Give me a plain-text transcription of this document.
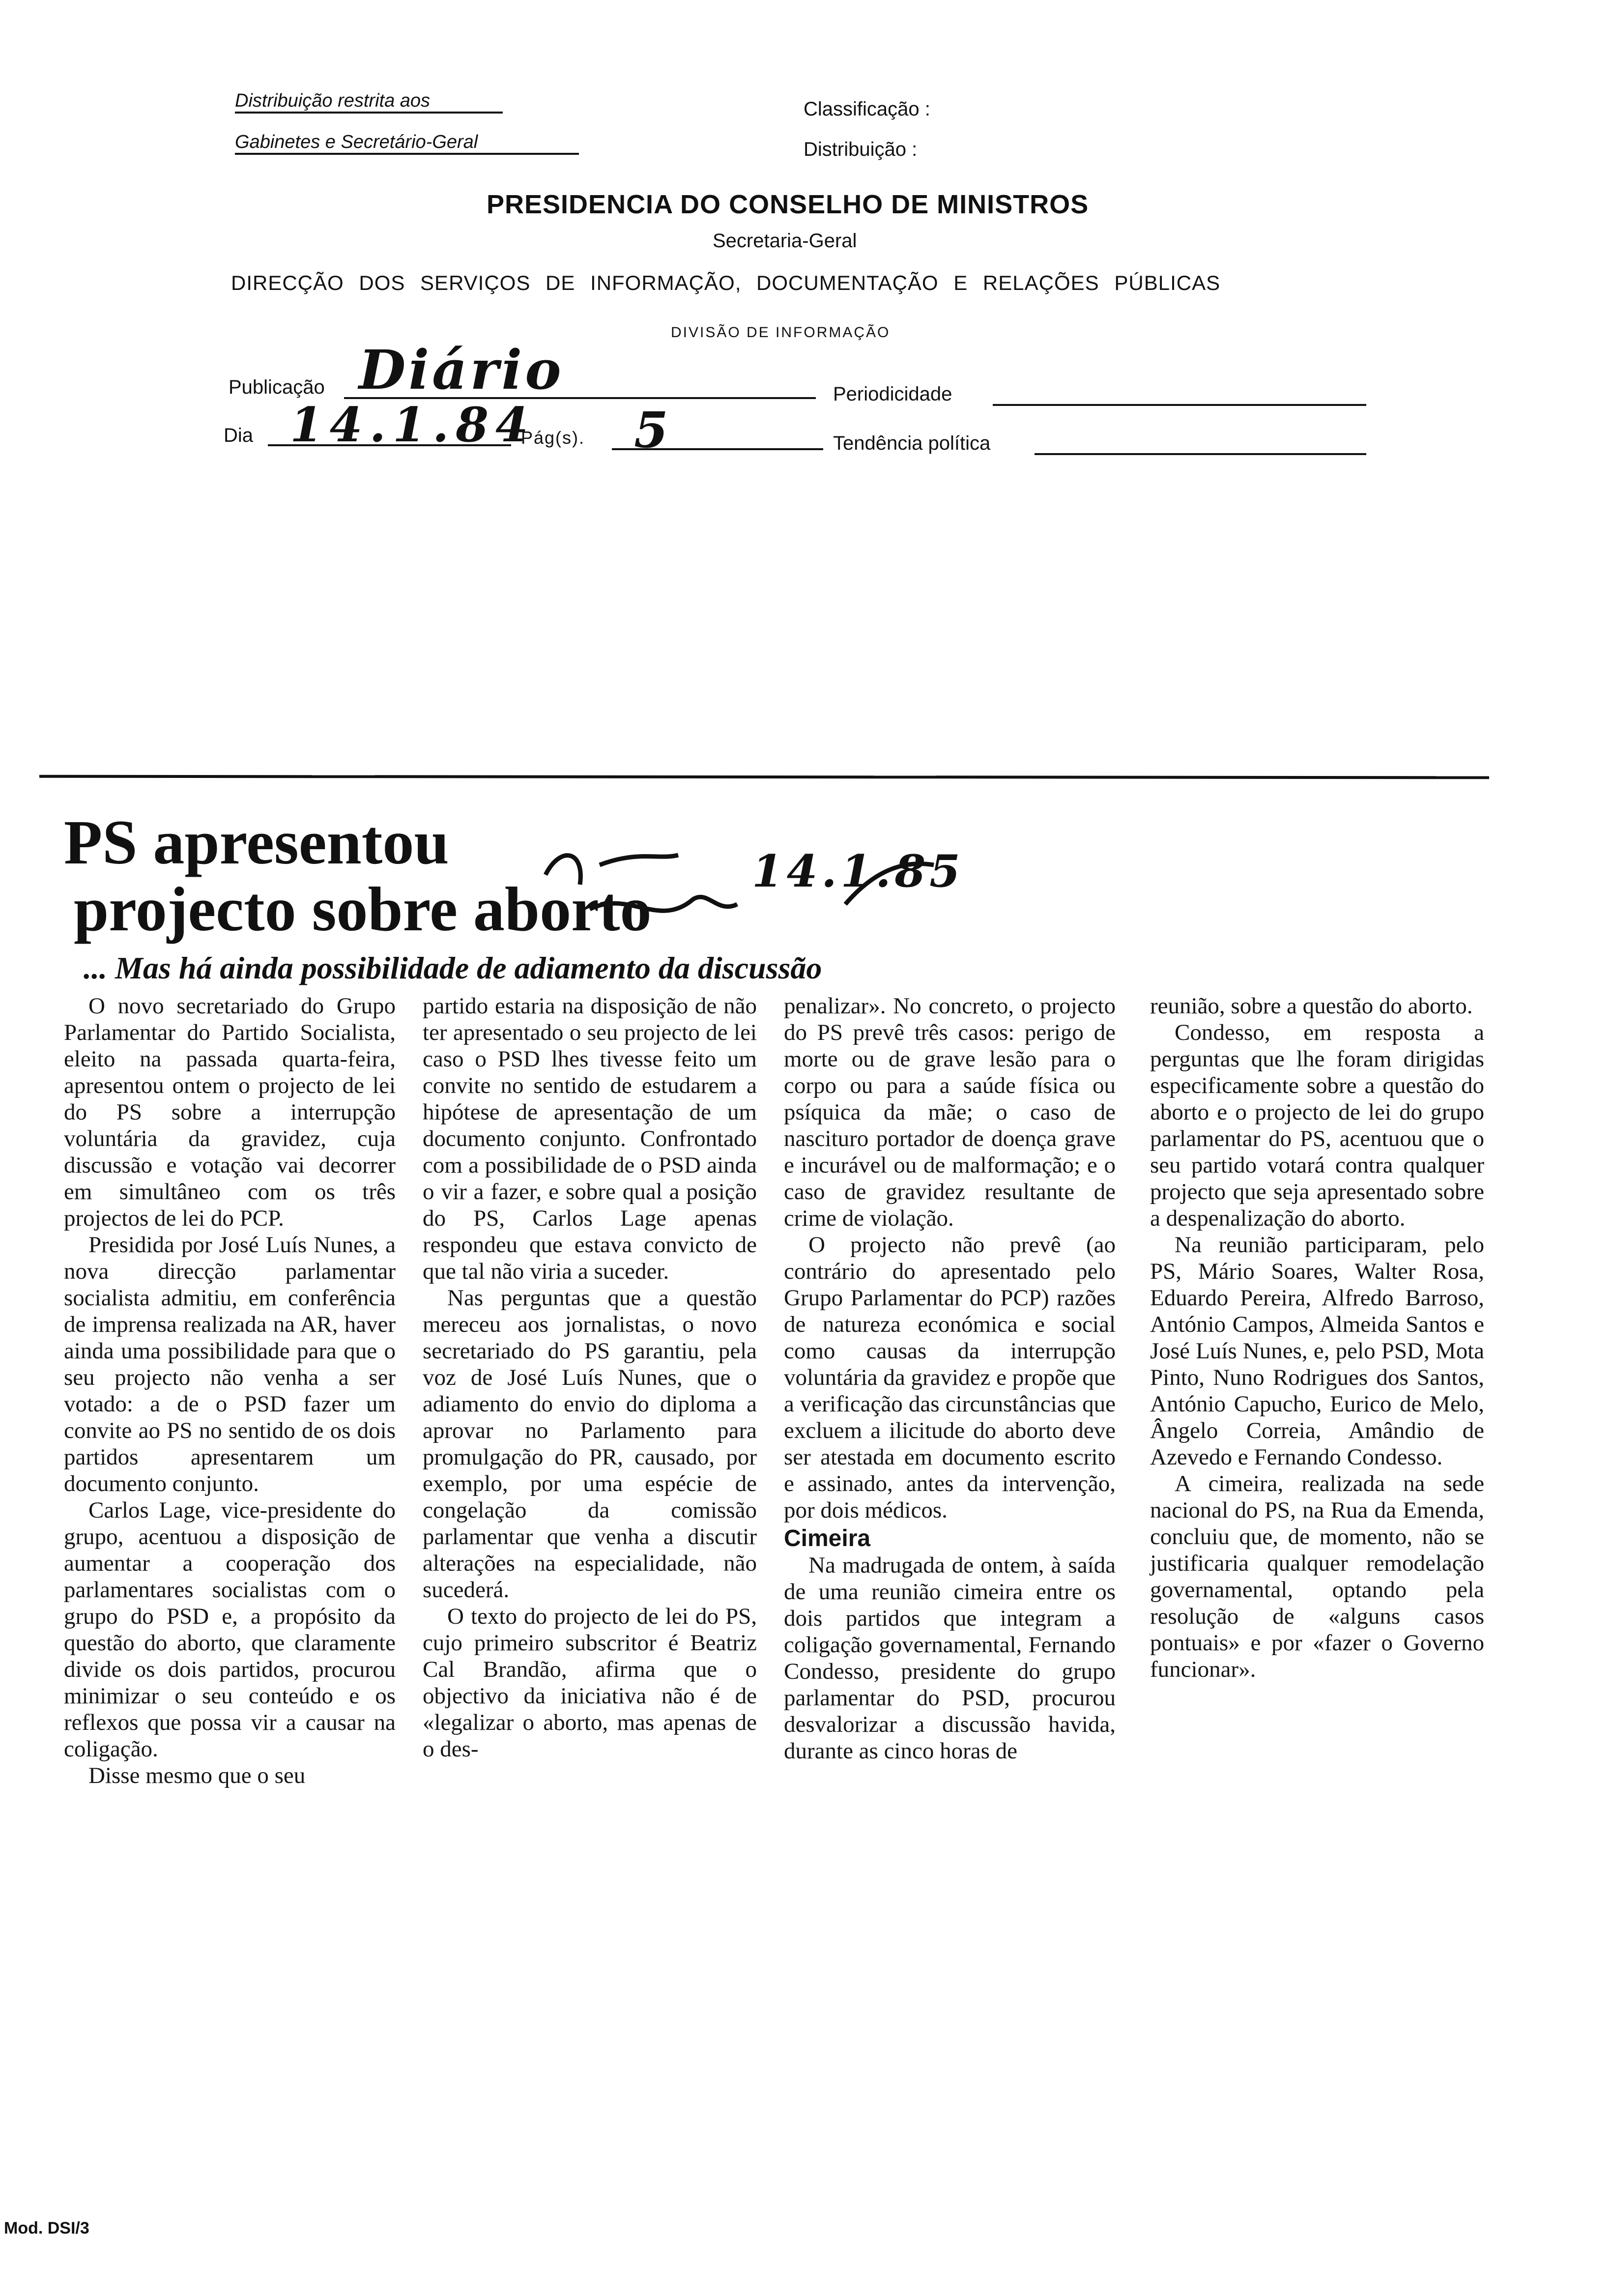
Distribuição restrita aos
Gabinetes e Secretário-Geral
Classificação :
Distribuição :
PRESIDENCIA DO CONSELHO DE MINISTROS
Secretaria-Geral
DIRECÇÃO DOS SERVIÇOS DE INFORMAÇÃO, DOCUMENTAÇÃO E RELAÇÕES PÚBLICAS
DIVISÃO DE INFORMAÇÃO
Publicação Diário	Periodicidade
Dia 14.1.84
Pág(s). 5	Tendência política
PS apresentou
projecto sobre aborto
14.1.85
... Mas há ainda possibilidade de adiamento da discussão

O novo secretariado do Grupo Parlamentar do Partido Socialista, eleito na passada quarta-feira, apresentou ontem o projecto de lei do PS sobre a interrupção voluntária da gravidez, cuja discussão e votação vai decorrer em simultâneo com os três projectos de lei do PCP.

Presidida por José Luís Nunes, a nova direcção parlamentar socialista admitiu, em conferência de imprensa realizada na AR, haver ainda uma possibilidade para que o seu projecto não venha a ser votado: a de o PSD fazer um convite ao PS no sentido de os dois partidos apresentarem um documento conjunto.

Carlos Lage, vice-presidente do grupo, acentuou a disposição de aumentar a cooperação dos parlamentares socialistas com o grupo do PSD e, a propósito da questão do aborto, que claramente divide os dois partidos, procurou minimizar o seu conteúdo e os reflexos que possa vir a causar na coligação.

Disse mesmo que o seu

partido estaria na disposição de não ter apresentado o seu projecto de lei caso o PSD lhes tivesse feito um convite no sentido de estudarem a hipótese de apresentação de um documento conjunto. Confrontado com a possibilidade de o PSD ainda o vir a fazer, e sobre qual a posição do PS, Carlos Lage apenas respondeu que estava convicto de que tal não viria a suceder.

Nas perguntas que a questão mereceu aos jornalistas, o novo secretariado do PS garantiu, pela voz de José Luís Nunes, que o adiamento do envio do diploma a aprovar no Parlamento para promulgação do PR, causado, por exemplo, por uma espécie de congelação da comissão parlamentar que venha a discutir alterações na especialidade, não sucederá.

O texto do projecto de lei do PS, cujo primeiro subscritor é Beatriz Cal Brandão, afirma que o objectivo da iniciativa não é de «legalizar o aborto, mas apenas de o des-

penalizar». No concreto, o projecto do PS prevê três casos: perigo de morte ou de grave lesão para o corpo ou para a saúde física ou psíquica da mãe; o caso de nascituro portador de doença grave e incurável ou de malformação; e o caso de gravidez resultante de crime de violação.

O projecto não prevê (ao contrário do apresentado pelo Grupo Parlamentar do PCP) razões de natureza económica e social como causas da interrupção voluntária da gravidez e propõe que a verificação das circunstâncias que excluem a ilicitude do aborto deve ser atestada em documento escrito e assinado, antes da intervenção, por dois médicos.

Cimeira

Na madrugada de ontem, à saída de uma reunião cimeira entre os dois partidos que integram a coligação governamental, Fernando Condesso, presidente do grupo parlamentar do PSD, procurou desvalorizar a discussão havida, durante as cinco horas de

reunião, sobre a questão do aborto.

Condesso, em resposta a perguntas que lhe foram dirigidas especificamente sobre a questão do aborto e o projecto de lei do grupo parlamentar do PS, acentuou que o seu partido votará contra qualquer projecto que seja apresentado sobre a despenalização do aborto.

Na reunião participaram, pelo PS, Mário Soares, Walter Rosa, Eduardo Pereira, Alfredo Barroso, António Campos, Almeida Santos e José Luís Nunes, e, pelo PSD, Mota Pinto, Nuno Rodrigues dos Santos, António Capucho, Eurico de Melo, Ângelo Correia, Amândio de Azevedo e Fernando Condesso.

A cimeira, realizada na sede nacional do PS, na Rua da Emenda, concluiu que, de momento, não se justificaria qualquer remodelação governamental, optando pela resolução de «alguns casos pontuais» e por «fazer o Governo funcionar».

Mod. DSI/3
